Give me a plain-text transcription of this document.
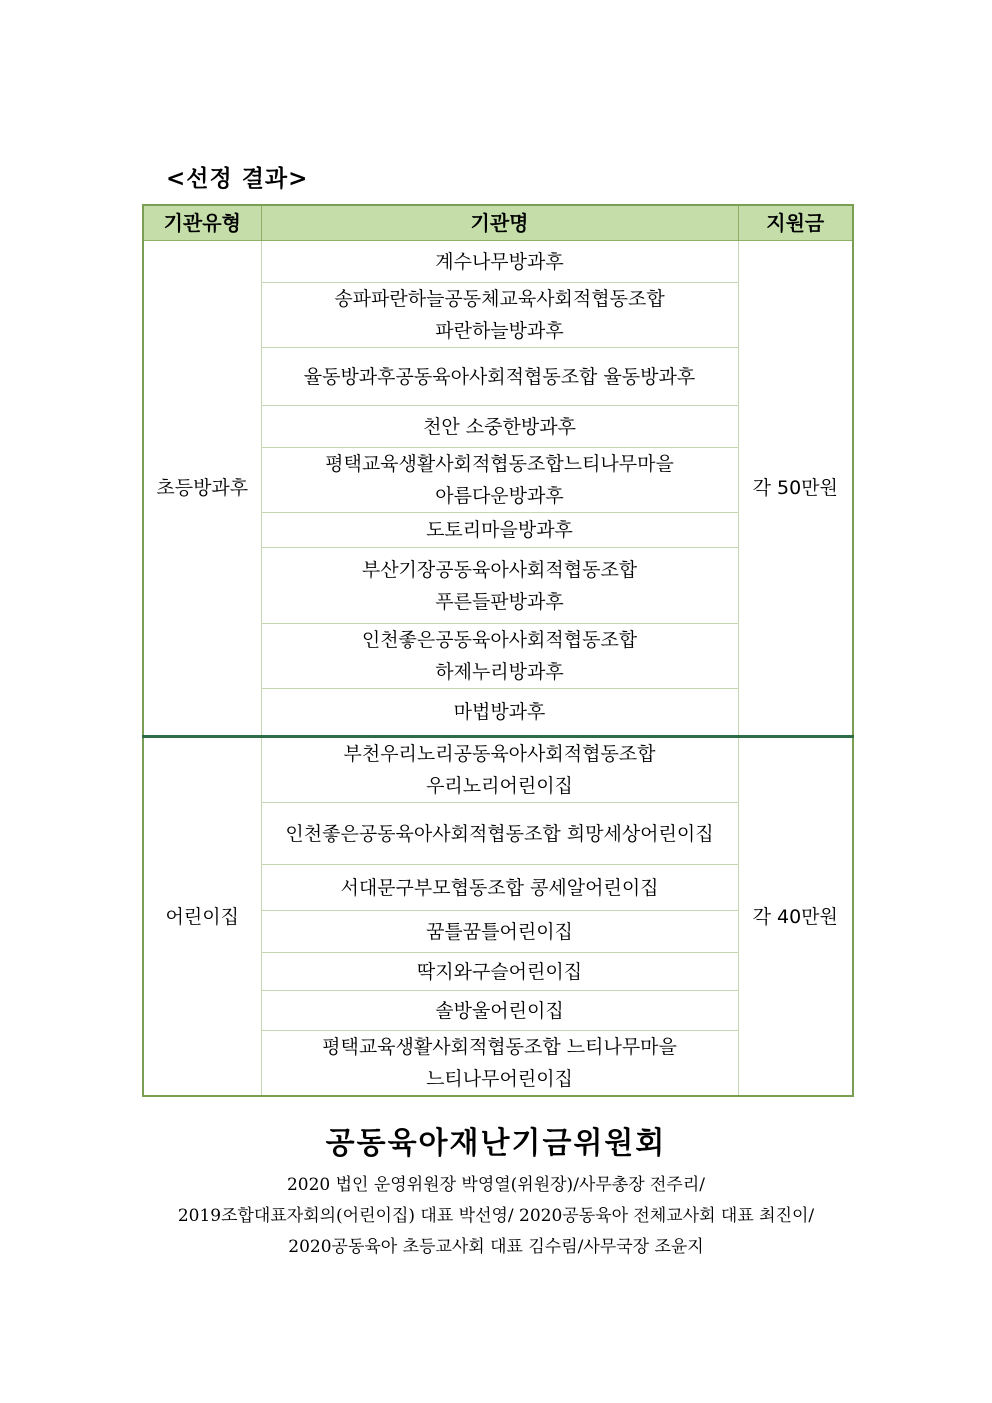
<선정 결과>
기관유형	기관명	지원금
초등방과후	계수나무방과후	각 50만원

	송파파란하늘공동체교육사회적협동조합
파란하늘방과후	

	율동방과후공동육아사회적협동조합 율동방과후	

	천안 소중한방과후	

	평택교육생활사회적협동조합느티나무마을
아름다운방과후	

	도토리마을방과후	

	부산기장공동육아사회적협동조합
푸른들판방과후	

	인천좋은공동육아사회적협동조합
하제누리방과후	

	마법방과후	

어린이집	부천우리노리공동육아사회적협동조합
우리노리어린이집	각 40만원

	인천좋은공동육아사회적협동조합 희망세상어린이집	

	서대문구부모협동조합 콩세알어린이집	

	꿈틀꿈틀어린이집	

	딱지와구슬어린이집	

	솔방울어린이집	

	평택교육생활사회적협동조합 느티나무마을
느티나무어린이집	
공동육아재난기금위원회
2020 법인 운영위원장 박영열(위원장)/사무총장 전주리/
2019조합대표자회의(어린이집) 대표 박선영/ 2020공동육아 전체교사회 대표 최진이/
2020공동육아 초등교사회 대표 김수림/사무국장 조윤지
